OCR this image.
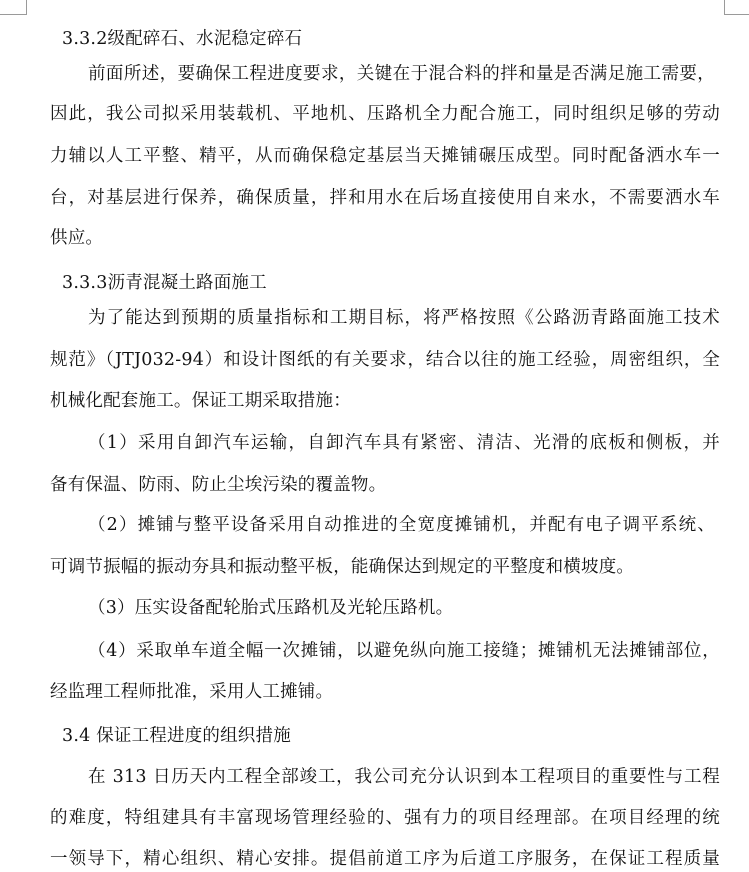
3.3.2级配碎石、水泥稳定碎石
前面所述，要确保工程进度要求，关键在于混合料的拌和量是否满足施工需要，
因此，我公司拟采用装载机、平地机、压路机全力配合施工，同时组织足够的劳动
力辅以人工平整、精平，从而确保稳定基层当天摊铺碾压成型。同时配备洒水车一
台，对基层进行保养，确保质量，拌和用水在后场直接使用自来水，不需要洒水车
供应。
3.3.3沥青混凝土路面施工
为了能达到预期的质量指标和工期目标，将严格按照《公路沥青路面施工技术
规范》（JTJ032-94）和设计图纸的有关要求，结合以往的施工经验，周密组织，全
机械化配套施工。保证工期采取措施：
（1）采用自卸汽车运输，自卸汽车具有紧密、清洁、光滑的底板和侧板，并
备有保温、防雨、防止尘埃污染的覆盖物。
（2）摊铺与整平设备采用自动推进的全宽度摊铺机，并配有电子调平系统、
可调节振幅的振动夯具和振动整平板，能确保达到规定的平整度和横坡度。
（3）压实设备配轮胎式压路机及光轮压路机。
（4）采取单车道全幅一次摊铺，以避免纵向施工接缝；摊铺机无法摊铺部位，
经监理工程师批准，采用人工摊铺。
3.4 保证工程进度的组织措施
在 313 日历天内工程全部竣工，我公司充分认识到本工程项目的重要性与工程
的难度，特组建具有丰富现场管理经验的、强有力的项目经理部。在项目经理的统
一领导下，精心组织、精心安排。提倡前道工序为后道工序服务，在保证工程质量
